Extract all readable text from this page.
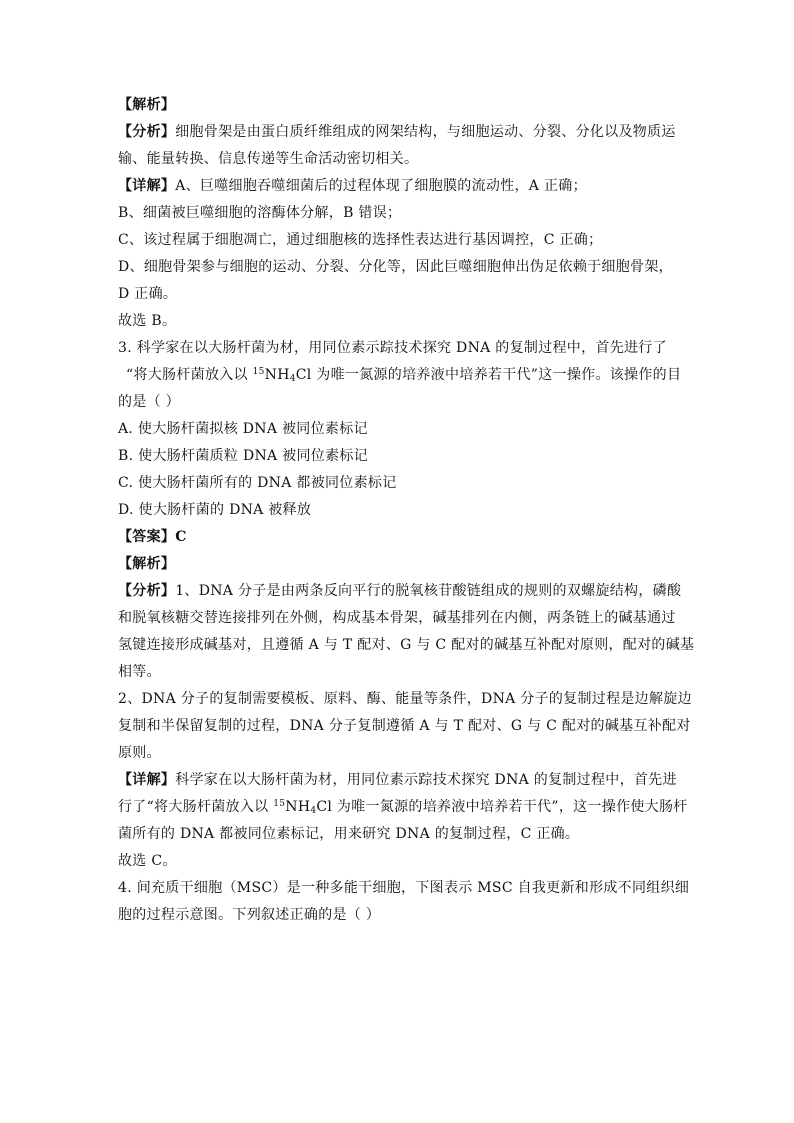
【解析】
【分析】细胞骨架是由蛋白质纤维组成的网架结构，与细胞运动、分裂、分化以及物质运
输、能量转换、信息传递等生命活动密切相关。
【详解】A、巨噬细胞吞噬细菌后的过程体现了细胞膜的流动性，A 正确；
B、细菌被巨噬细胞的溶酶体分解，B 错误；
C、该过程属于细胞凋亡，通过细胞核的选择性表达进行基因调控，C 正确；
D、细胞骨架参与细胞的运动、分裂、分化等，因此巨噬细胞伸出伪足依赖于细胞骨架，
D 正确。
故选 B。
3. 科学家在以大肠杆菌为材，用同位素示踪技术探究 DNA 的复制过程中，首先进行了
“将大肠杆菌放入以 $^{15}NH_4Cl$ 为唯一氮源的培养液中培养若干代”这一操作。该操作的目
的是（ ）
A. 使大肠杆菌拟核 DNA 被同位素标记
B. 使大肠杆菌质粒 DNA 被同位素标记
C. 使大肠杆菌所有的 DNA 都被同位素标记
D. 使大肠杆菌的 DNA 被释放
【答案】C
【解析】
【分析】1、DNA 分子是由两条反向平行的脱氧核苷酸链组成的规则的双螺旋结构，磷酸
和脱氧核糖交替连接排列在外侧，构成基本骨架，碱基排列在内侧，两条链上的碱基通过
氢键连接形成碱基对，且遵循 A 与 T 配对、G 与 C 配对的碱基互补配对原则，配对的碱基
相等。
2、DNA 分子的复制需要模板、原料、酶、能量等条件，DNA 分子的复制过程是边解旋边
复制和半保留复制的过程，DNA 分子复制遵循 A 与 T 配对、G 与 C 配对的碱基互补配对
原则。
【详解】科学家在以大肠杆菌为材，用同位素示踪技术探究 DNA 的复制过程中，首先进
行了“将大肠杆菌放入以 $^{15}NH_4Cl$ 为唯一氮源的培养液中培养若干代”，这一操作使大肠杆
菌所有的 DNA 都被同位素标记，用来研究 DNA 的复制过程，C 正确。
故选 C。
4. 间充质干细胞（MSC）是一种多能干细胞，下图表示 MSC 自我更新和形成不同组织细
胞的过程示意图。下列叙述正确的是（ ）
